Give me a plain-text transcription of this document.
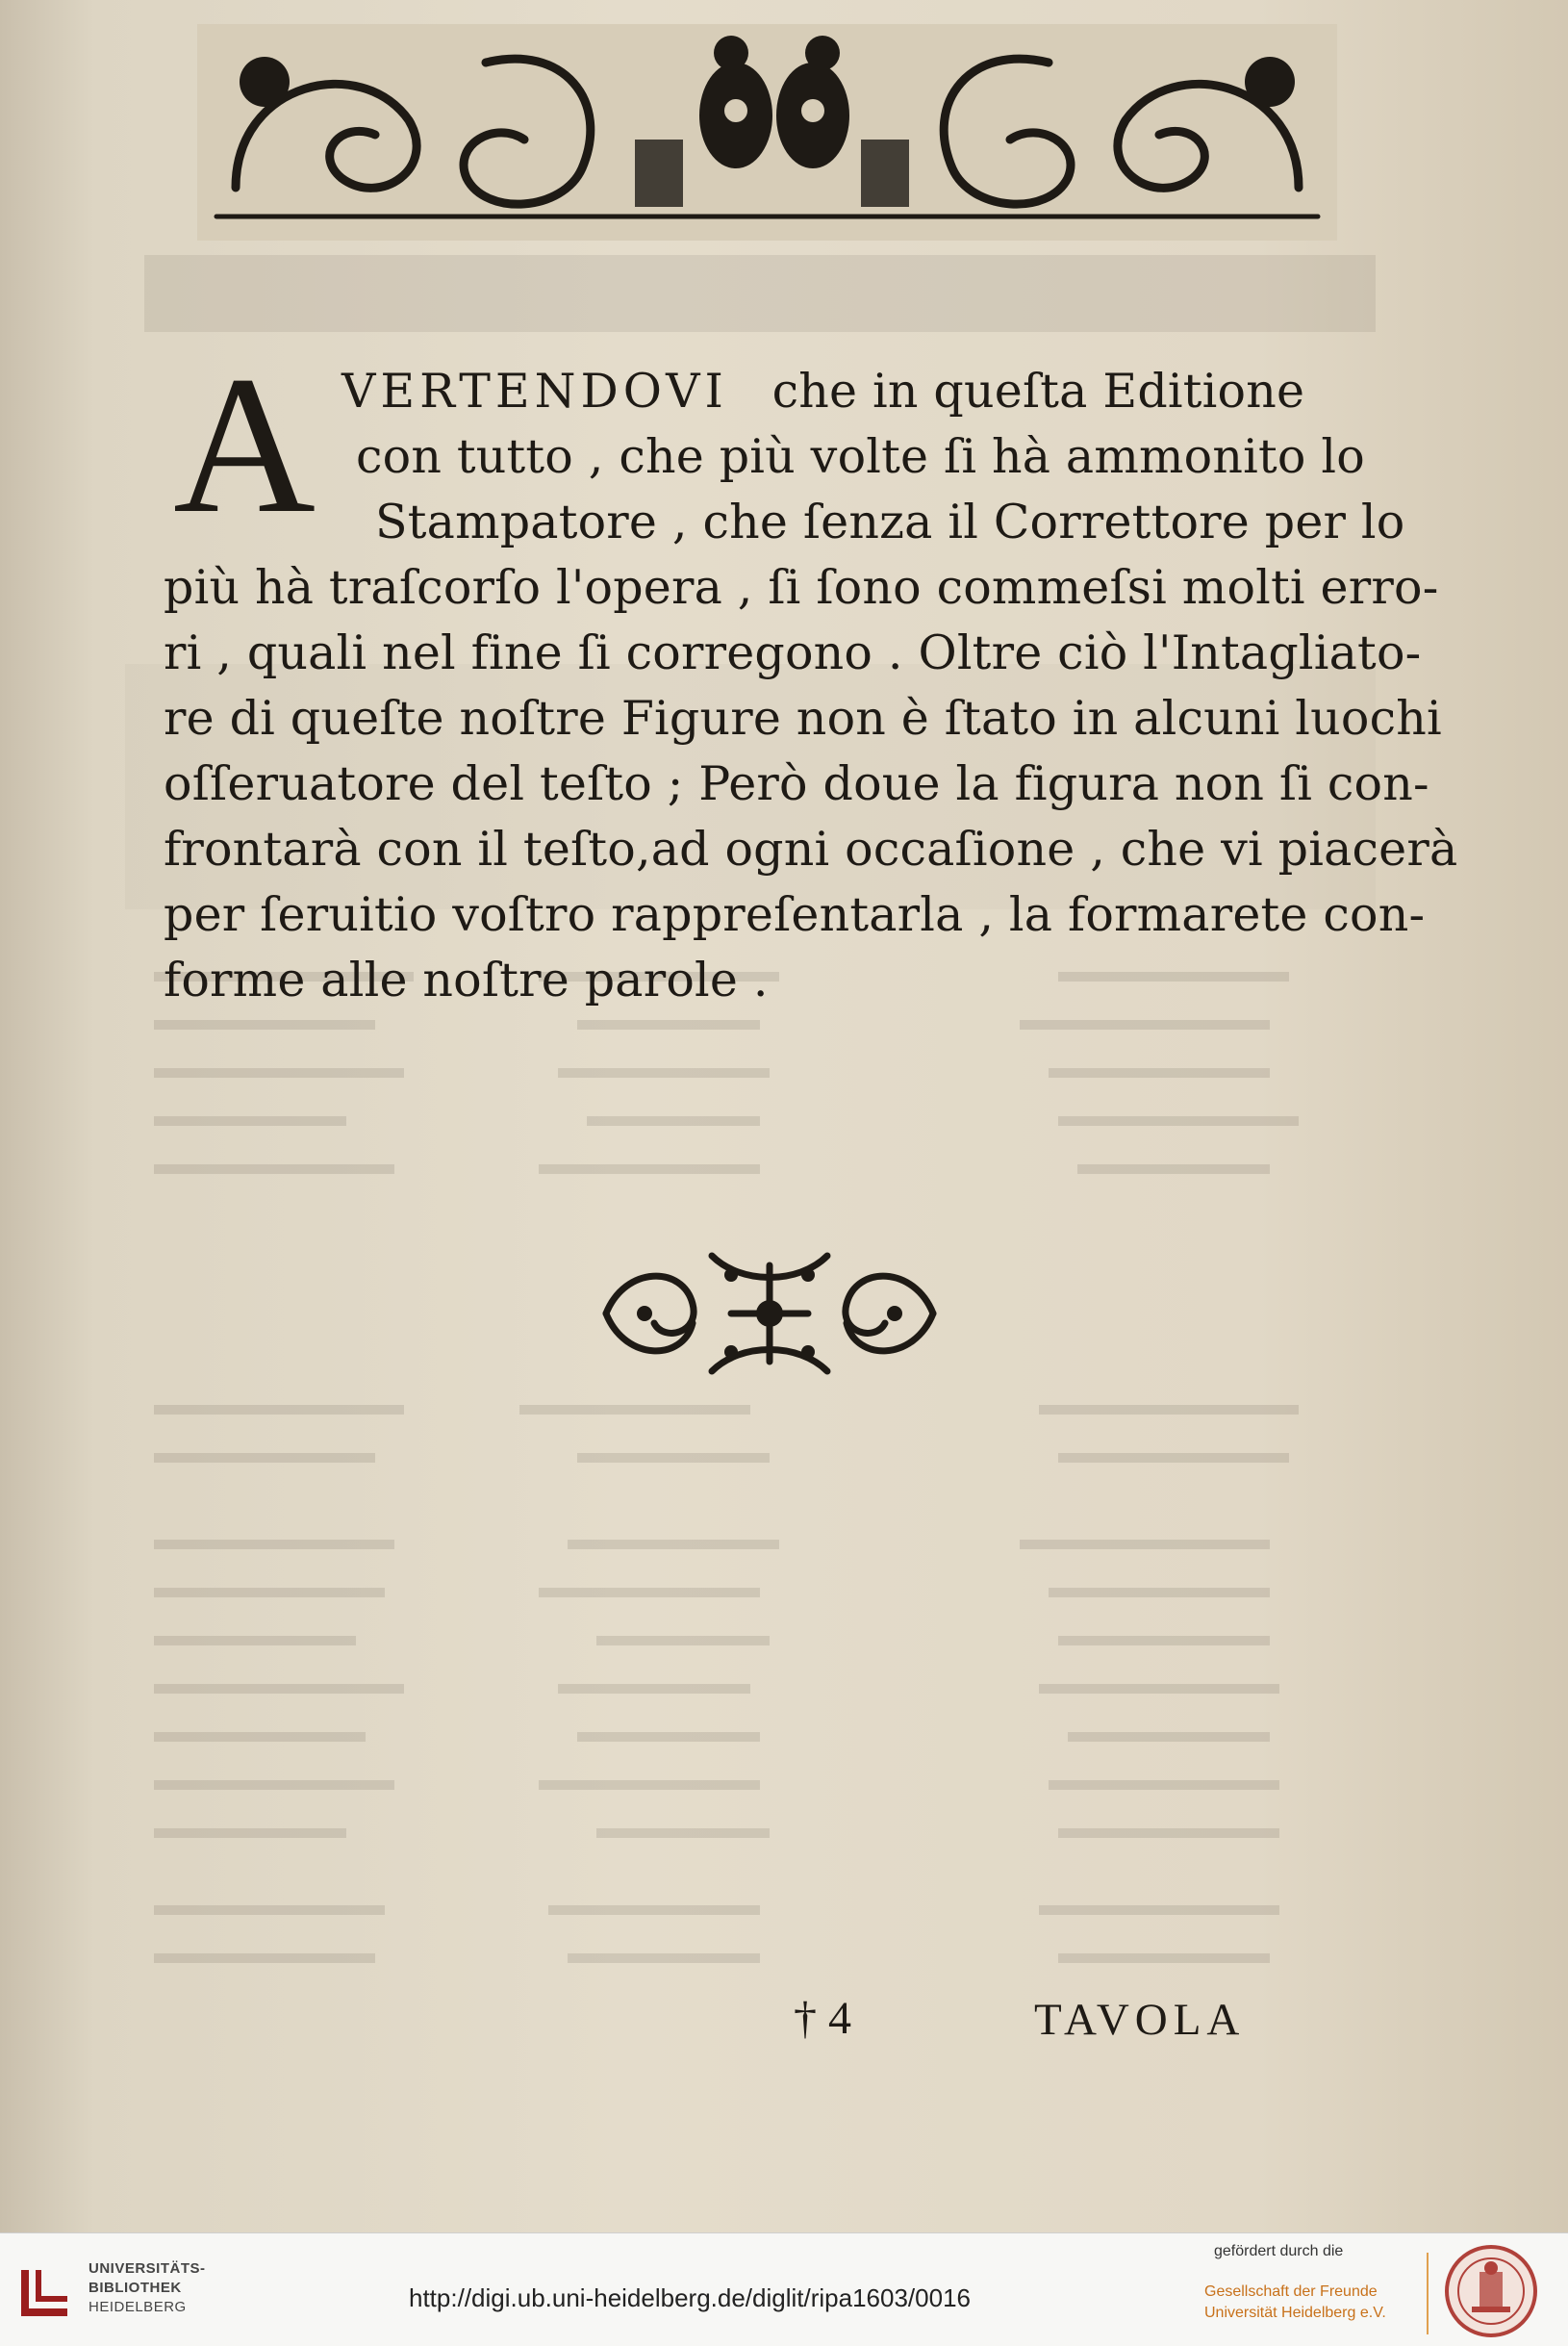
A VERTENDOVI che in queſta Editione
con tutto , che più volte ſi hà ammonito lo
Stampatore , che ſenza il Correttore per lo
più hà traſcorſo l'opera , ſi ſono commeſsi molti erro-
ri , quali nel fine ſi corregono . Oltre ciò l'Intagliato-
re di queſte noſtre Figure non è ſtato in alcuni luochi
oſſeruatore del teſto ; Però doue la figura non ſi con-
frontarà con il teſto,ad ogni occaſione , che vi piacerà
per ſeruitio voſtro rappreſentarla , la formarete con-
forme alle noſtre parole .
† 4	TAVOLA
UNIVERSITÄTS-
BIBLIOTHEK
HEIDELBERG	http://digi.ub.uni-heidelberg.de/diglit/ripa1603/0016
gefördert durch die
Gesellschaft der Freunde
Universität Heidelberg e.V.
